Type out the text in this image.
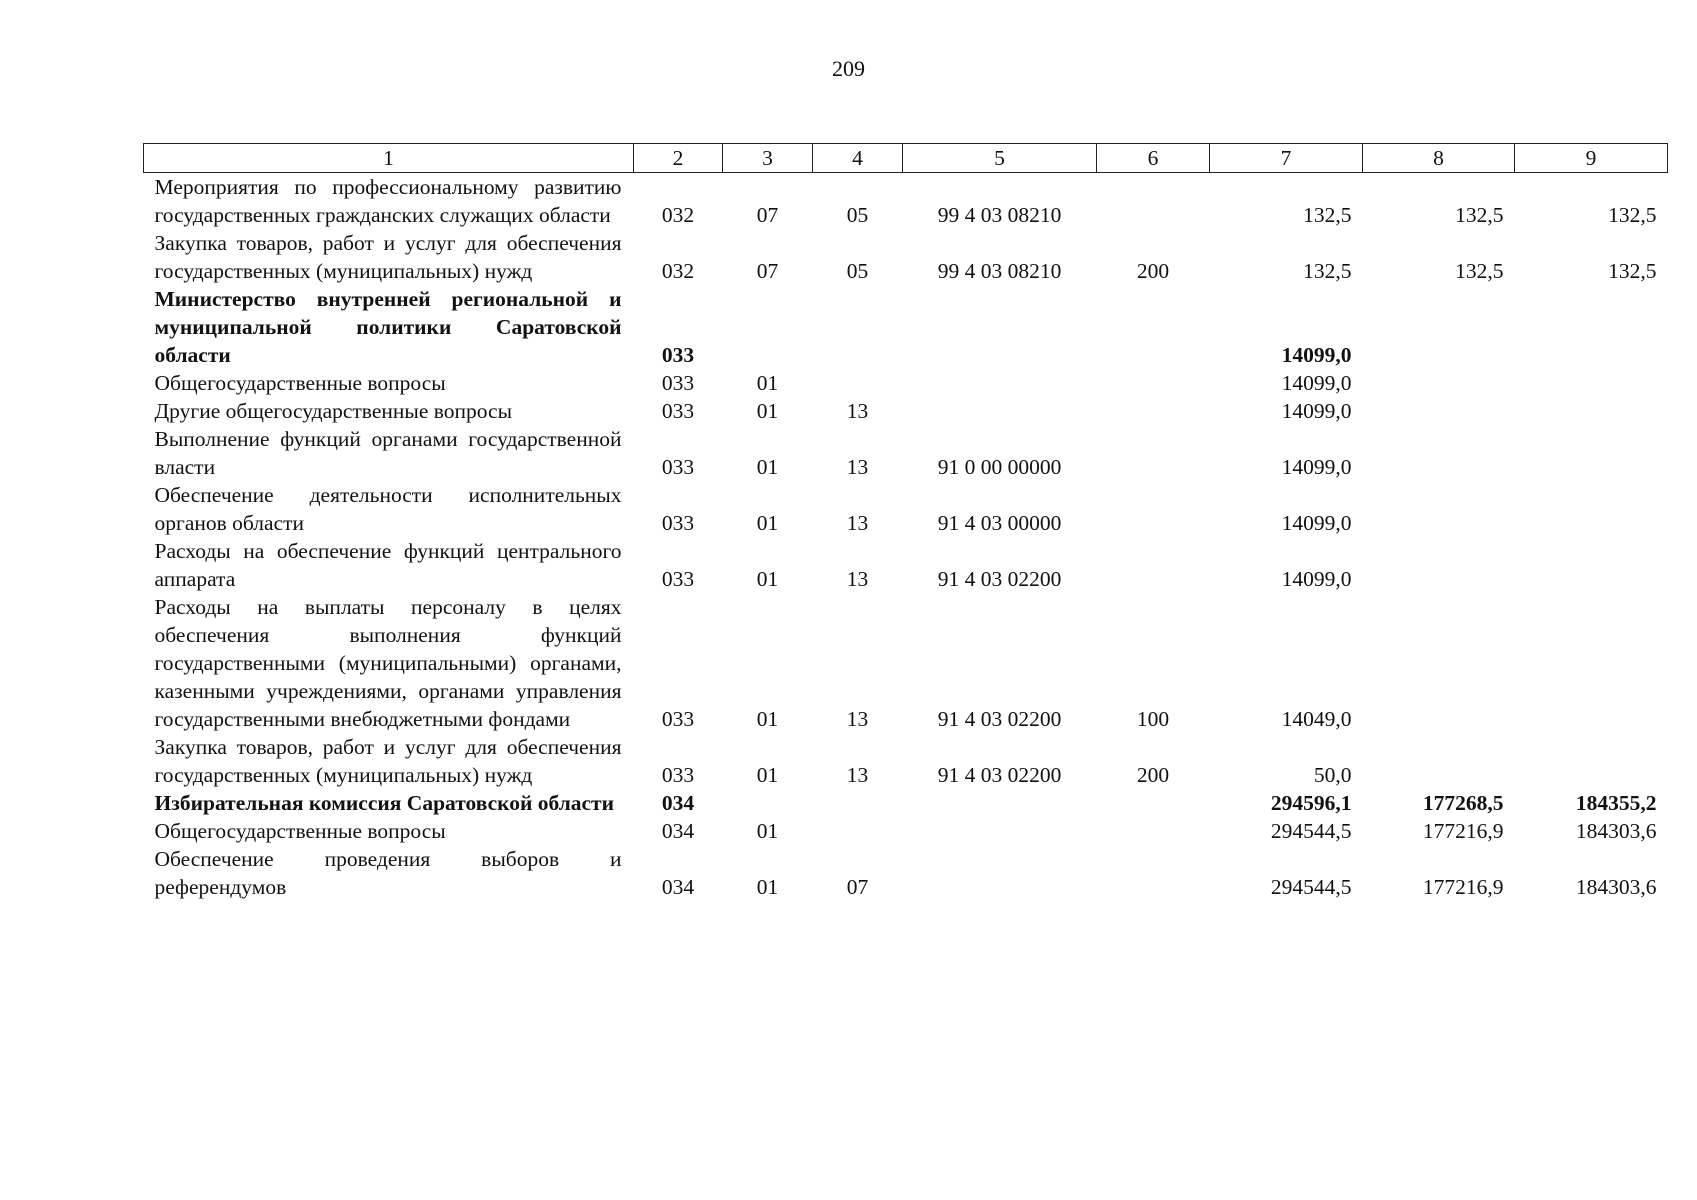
209
1	2	3	4	5	6	7	8	9
Мероприятия по профессиональному развитию государственных гражданских служащих области	032	07	05	99 4 03 08210		132,5	132,5	132,5
Закупка товаров, работ и услуг для обеспечения государственных (муниципальных) нужд	032	07	05	99 4 03 08210	200	132,5	132,5	132,5
Министерство внутренней региональной и муниципальной политики Саратовской области	033					14099,0		
Общегосударственные вопросы	033	01				14099,0		
Другие общегосударственные вопросы	033	01	13			14099,0		
Выполнение функций органами государственной власти	033	01	13	91 0 00 00000		14099,0		
Обеспечение деятельности исполнительных органов области	033	01	13	91 4 03 00000		14099,0		
Расходы на обеспечение функций центрального аппарата	033	01	13	91 4 03 02200		14099,0		
Расходы на выплаты персоналу в целях обеспечения выполнения функций государственными (муниципальными) органами, казенными учреждениями, органами управления государственными внебюджетными фондами	033	01	13	91 4 03 02200	100	14049,0		
Закупка товаров, работ и услуг для обеспечения государственных (муниципальных) нужд	033	01	13	91 4 03 02200	200	50,0		
Избирательная комиссия Саратовской области	034					294596,1	177268,5	184355,2
Общегосударственные вопросы	034	01				294544,5	177216,9	184303,6
Обеспечение проведения выборов и референдумов	034	01	07			294544,5	177216,9	184303,6
